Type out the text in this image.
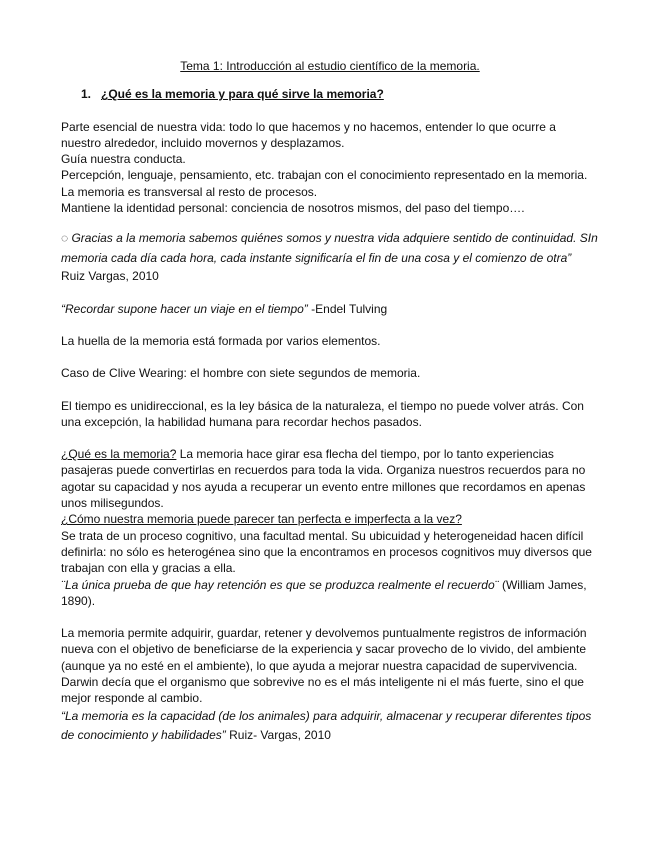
Tema 1: Introducción al estudio científico de la memoria.

1. ¿Qué es la memoria y para qué sirve la memoria?

Parte esencial de nuestra vida: todo lo que hacemos y no hacemos, entender lo que ocurre a nuestro alrededor, incluido movernos y desplazamos.

Guía nuestra conducta.

Percepción, lenguaje, pensamiento, etc. trabajan con el conocimiento representado en la memoria. La memoria es transversal al resto de procesos.

Mantiene la identidad personal: conciencia de nosotros mismos, del paso del tiempo….

◌ Gracias a la memoria sabemos quiénes somos y nuestra vida adquiere sentido de continuidad. SIn memoria cada día cada hora, cada instante significaría el fin de una cosa y el comienzo de otra”

Ruiz Vargas, 2010

“Recordar supone hacer un viaje en el tiempo” -Endel Tulving

La huella de la memoria está formada por varios elementos.

Caso de Clive Wearing: el hombre con siete segundos de memoria.

El tiempo es unidireccional, es la ley básica de la naturaleza, el tiempo no puede volver atrás. Con una excepción, la habilidad humana para recordar hechos pasados.

¿Qué es la memoria? La memoria hace girar esa flecha del tiempo, por lo tanto experiencias pasajeras puede convertirlas en recuerdos para toda la vida. Organiza nuestros recuerdos para no agotar su capacidad y nos ayuda a recuperar un evento entre millones que recordamos en apenas unos milisegundos.

¿Cómo nuestra memoria puede parecer tan perfecta e imperfecta a la vez?

Se trata de un proceso cognitivo, una facultad mental. Su ubicuidad y heterogeneidad hacen difícil definirla: no sólo es heterogénea sino que la encontramos en procesos cognitivos muy diversos que trabajan con ella y gracias a ella.

¨La única prueba de que hay retención es que se produzca realmente el recuerdo¨ (William James, 1890).

La memoria permite adquirir, guardar, retener y devolvemos puntualmente registros de información nueva con el objetivo de beneficiarse de la experiencia y sacar provecho de lo vivido, del ambiente (aunque ya no esté en el ambiente), lo que ayuda a mejorar nuestra capacidad de supervivencia.

Darwin decía que el organismo que sobrevive no es el más inteligente ni el más fuerte, sino el que mejor responde al cambio.

“La memoria es la capacidad (de los animales) para adquirir, almacenar y recuperar diferentes tipos de conocimiento y habilidades” Ruiz- Vargas, 2010
